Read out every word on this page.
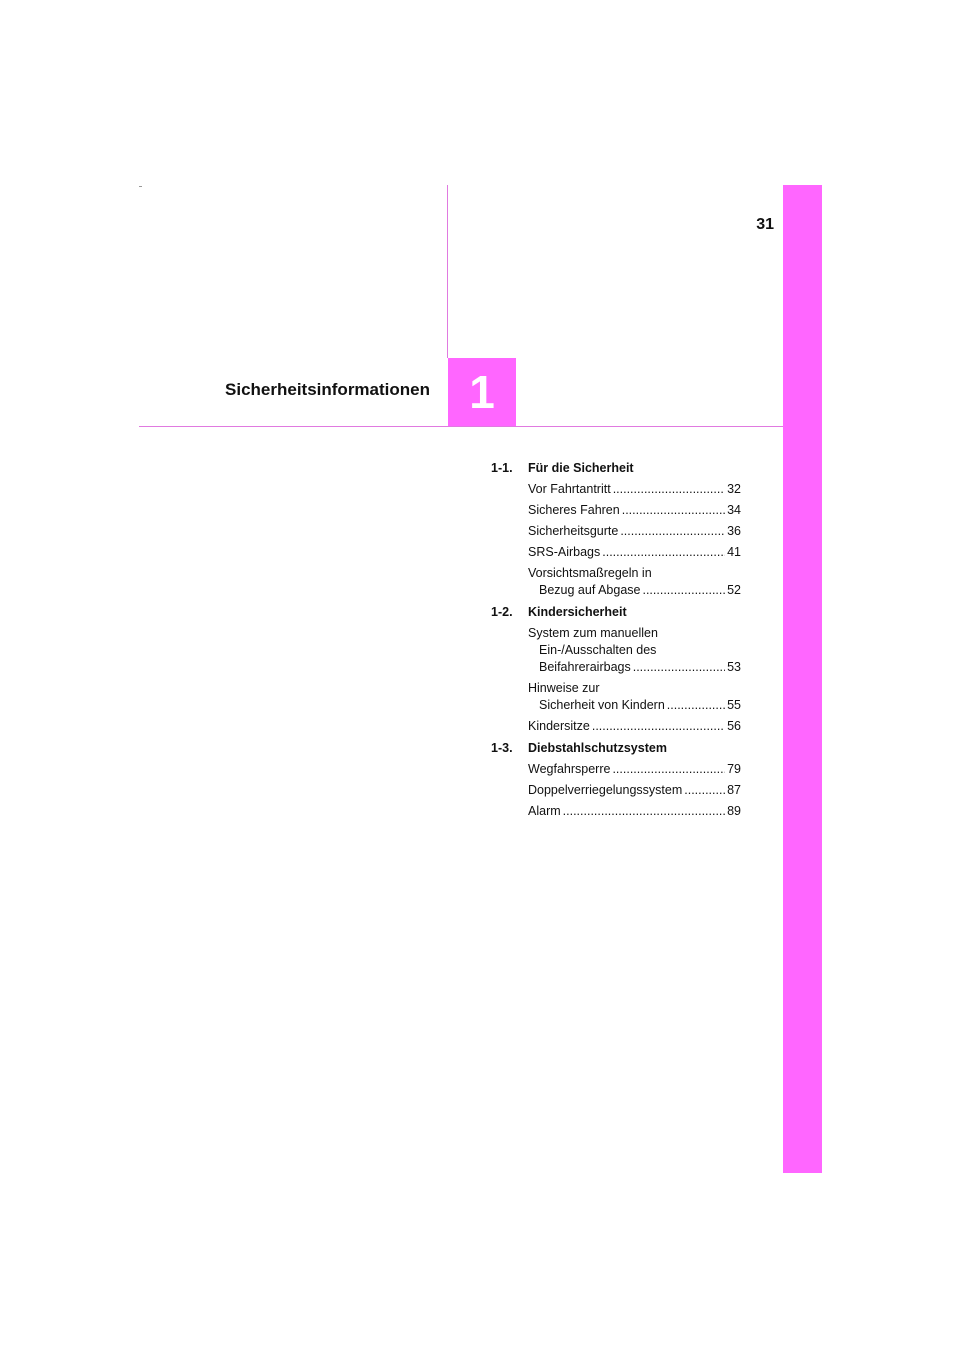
31
Sicherheitsinformationen 1
1-1.	Für die Sicherheit
Vor Fahrtantritt .....	32
Sicheres Fahren .....	34
Sicherheitsgurte .....	36
SRS-Airbags .....	41
Vorsichtsmaßregeln in
Bezug auf Abgase .....	52
1-2.	Kindersicherheit
System zum manuellen
Ein-/Ausschalten des
Beifahrerairbags .....	53
Hinweise zur
Sicherheit von Kindern .....	55
Kindersitze .....	56
1-3.	Diebstahlschutzsystem
Wegfahrsperre .....	79
Doppelverriegelungssystem .....	87
Alarm .....	89
